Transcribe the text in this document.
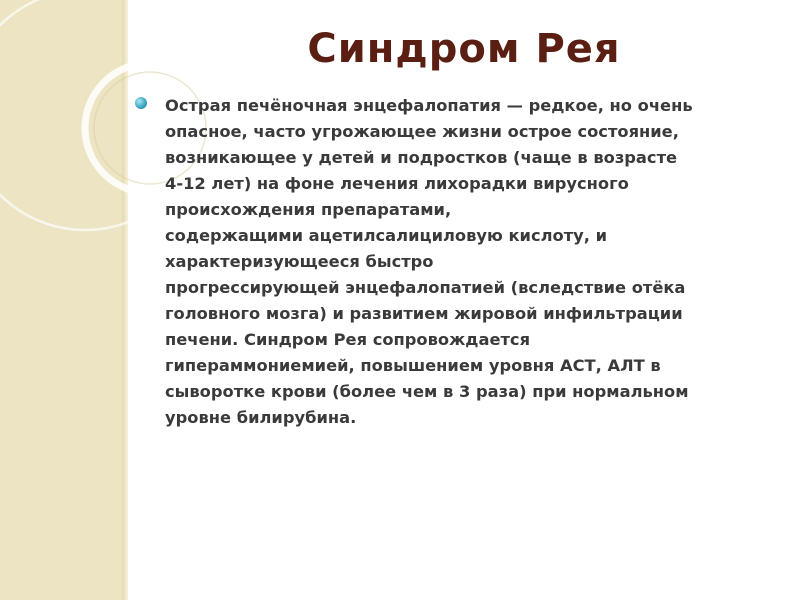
Синдром Рея

Острая печёночная энцефалопатия — редкое, но очень
опасное, часто угрожающее жизни острое состояние,
возникающее у детей и подростков (чаще в возрасте
4-12 лет) на фоне лечения лихорадки вирусного
происхождения препаратами,
содержащими ацетилсалициловую кислоту, и
характеризующееся быстро
прогрессирующей энцефалопатией (вследствие отёка
головного мозга) и развитием жировой инфильтрации
печени. Синдром Рея сопровождается
гипераммониемией, повышением уровня АСТ, АЛТ в
сыворотке крови (более чем в 3 раза) при нормальном
уровне билирубина.
